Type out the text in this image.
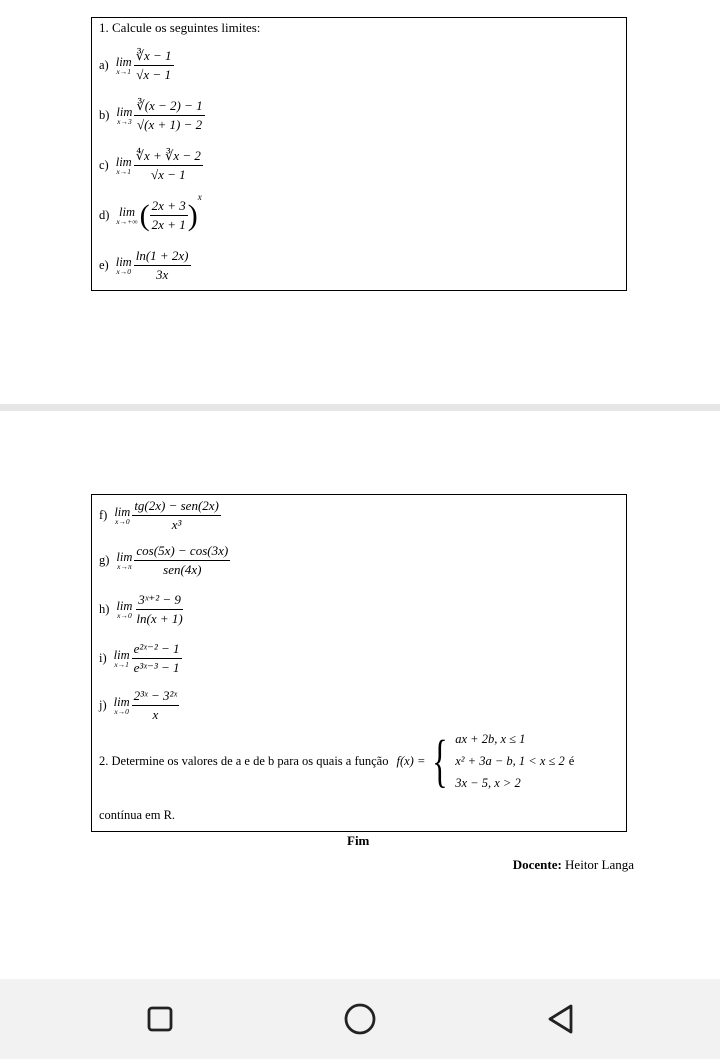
1. Calcule os seguintes limites:
a) lim
$x\to 1 \frac{∛x - 1}{√x - 1}$
b) lim
$x\to 3 \frac{∛(x - 2) - 1}{√(x + 1) - 2}$
c) lim
$x\to 1 \frac{∜x + ∛x - 2}{√x - 1}$
d) lim
x→+∞ ( $\frac{2x + 3}{2x + 1}$ )
x
e) lim
$x\to 0 \frac{\ln(1 + 2x)}{3x}$
f) lim
$x\to 0 \frac{\text{tg(2x) − sen(2x)}}{\text{x³}}$
g) lim
$x\to\pi \frac{\cos(5x) - \cos(3x)}{\text{sen(4x)}}$
h) lim
$x\to 0 \frac{\text{3ˣ⁺² − 9}}{\ln(x + 1)}$
i) lim
$x\to 1 \frac{\text{e²ˣ⁻² − 1}}{\text{e³ˣ⁻³ − 1}}$
j) lim
$x\to 0 \frac{\text{2³ˣ − 3²ˣ}}{x}$
2. Determine os valores de a e de b para os quais a função f(x) = { ax + 2b, x ≤ 1
x² + 3a − b, 1 < x ≤ 2
3x − 5, x > 2
é
contínua em R.
Fim
Docente: Heitor Langa
